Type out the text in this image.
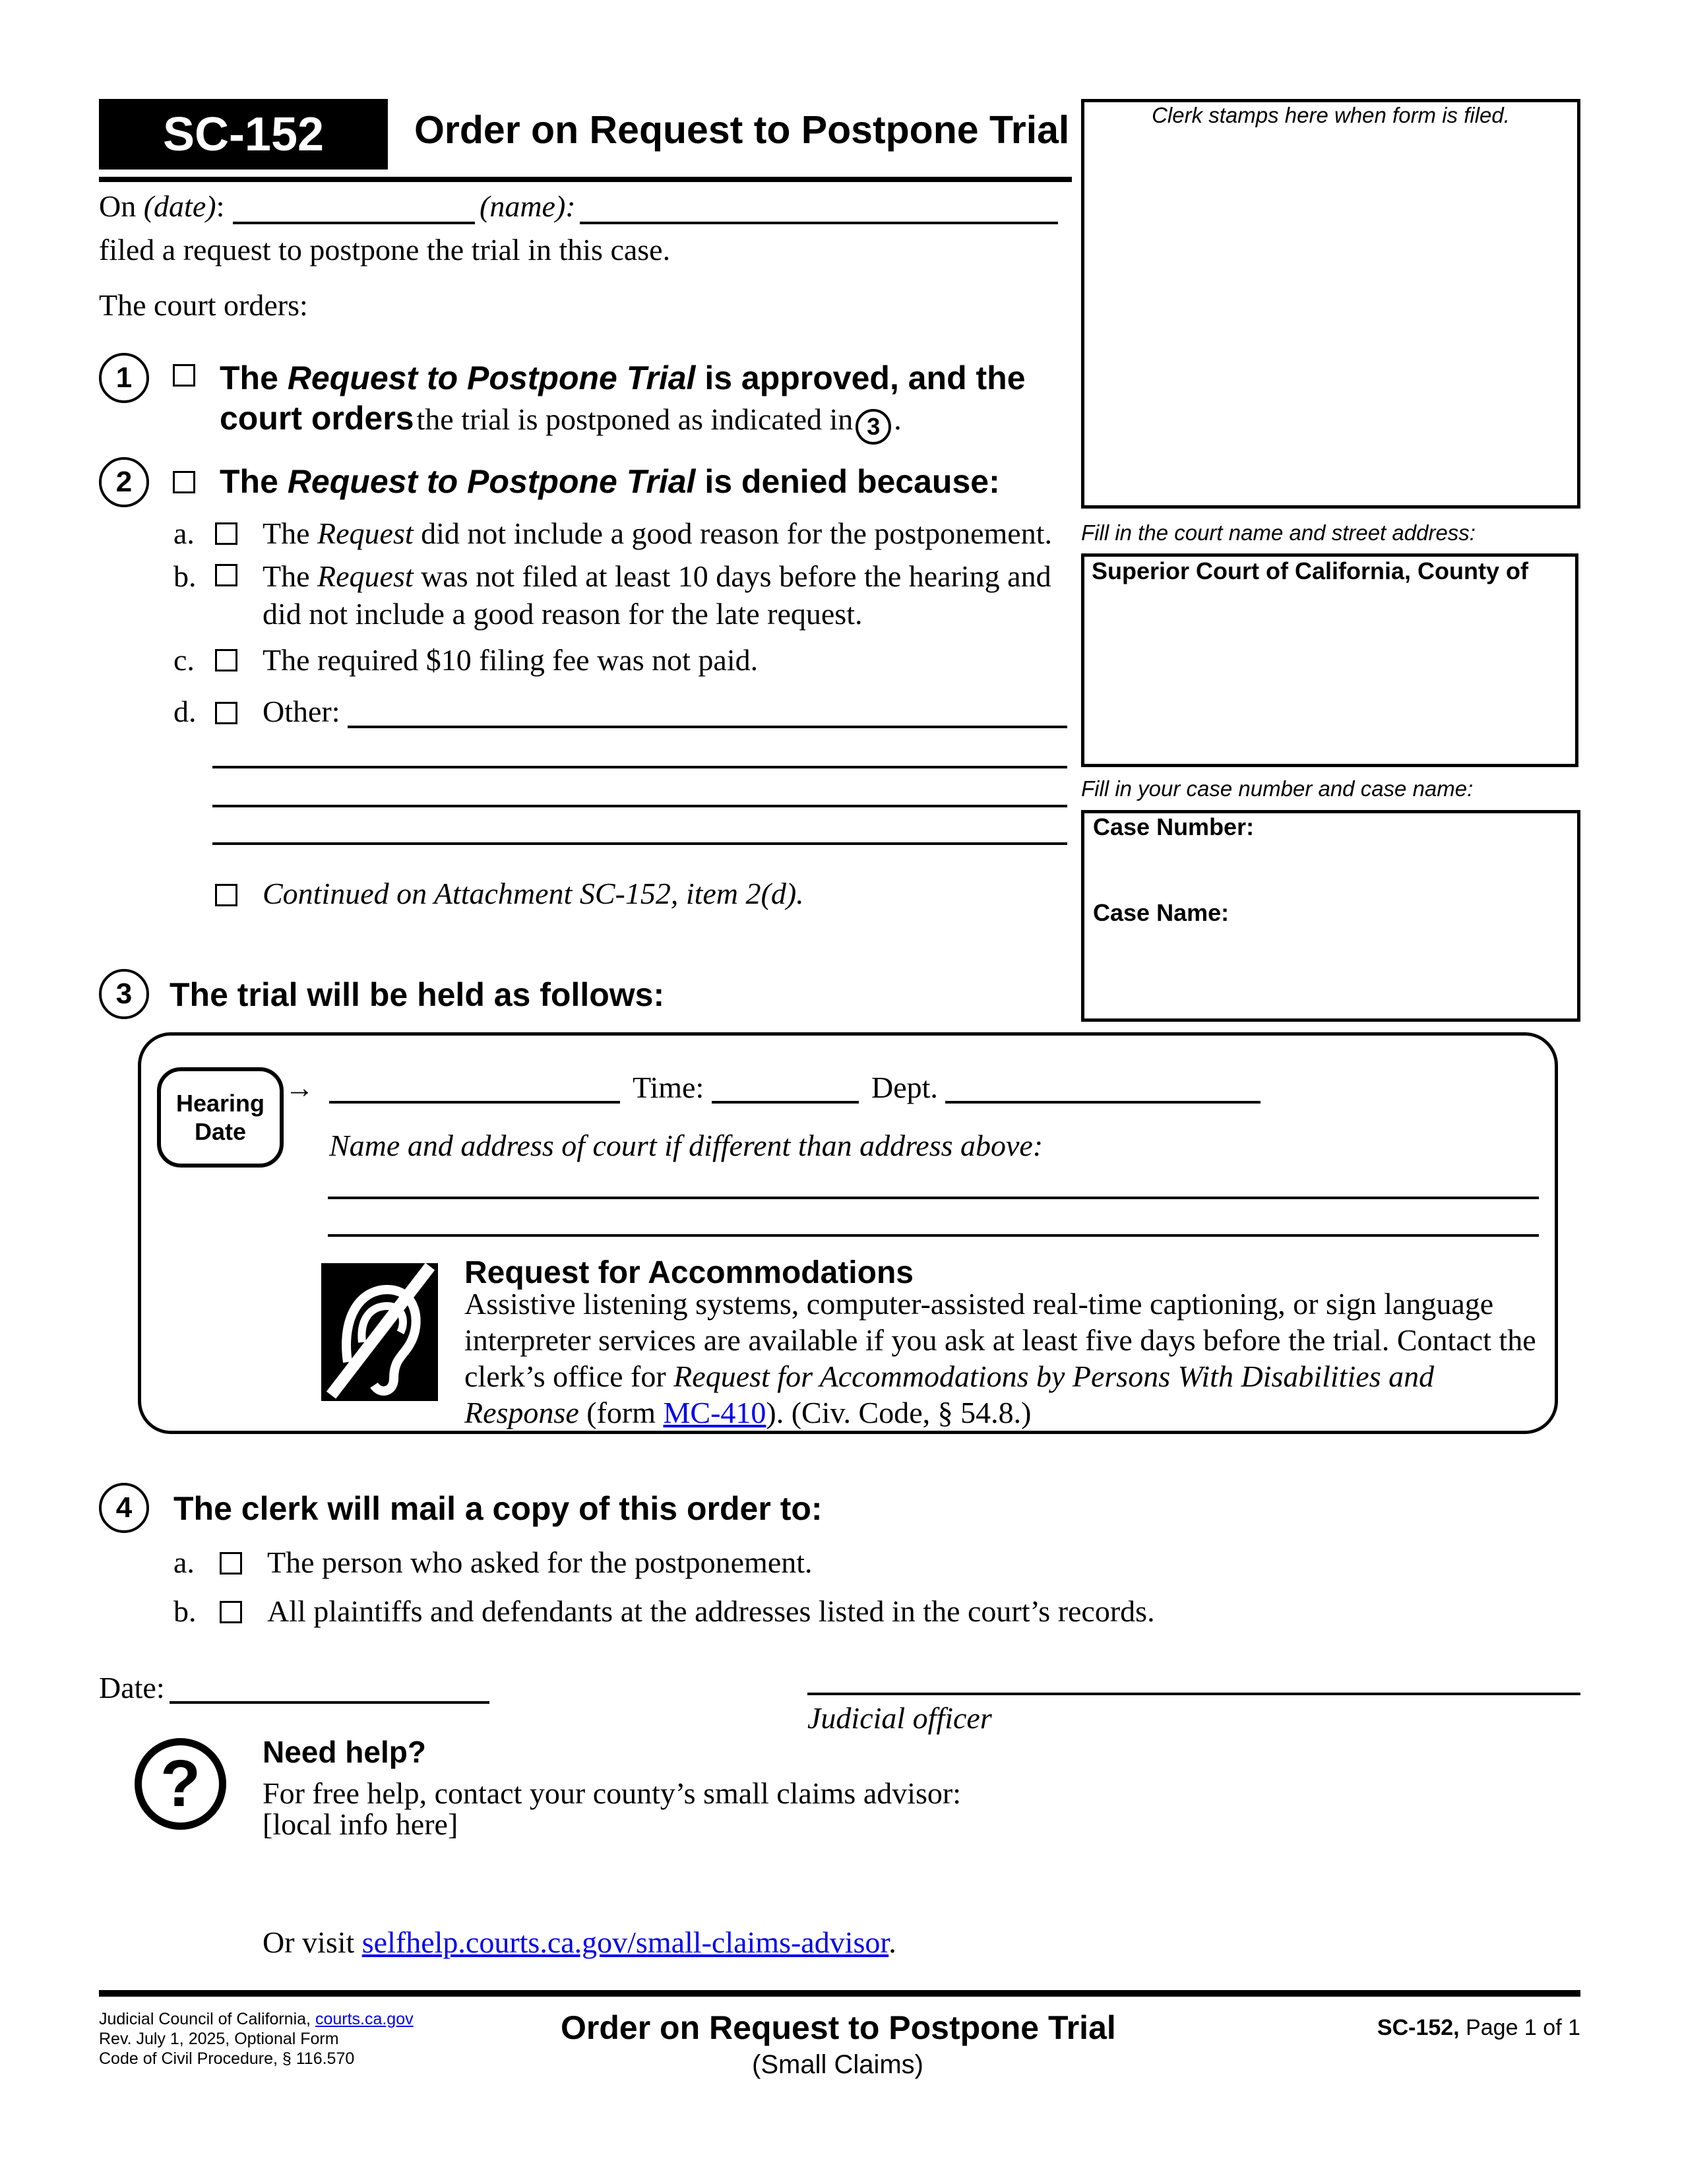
SC-152 Order on Request to Postpone Trial	Clerk stamps here when form is filed.
On (date):	(name):
filed a request to postpone the trial in this case.
The court orders:
1	The Request to Postpone Trial is approved, and the
court orders the trial is postponed as indicated in 3 .
2	The Request to Postpone Trial is denied because:
a. The Request did not include a good reason for the postponement.
b. The Request was not filed at least 10 days before the hearing and
did not include a good reason for the late request.
c. The required $10 filing fee was not paid.
d. Other:
Continued on Attachment SC-152, item 2(d).
Fill in the court name and street address:
Superior Court of California, County of
Fill in your case number and case name:
Case Number:
Case Name:
3	The trial will be held as follows:
Hearing
Date
→	Time:	Dept.
Name and address of court if different than address above:
Request for Accommodations
Assistive listening systems, computer-assisted real-time captioning, or sign language
interpreter services are available if you ask at least five days before the trial. Contact the
clerk’s office for Request for Accommodations by Persons With Disabilities and
Response (form MC-410). (Civ. Code, § 54.8.)
4	The clerk will mail a copy of this order to:
a. The person who asked for the postponement.
b. All plaintiffs and defendants at the addresses listed in the court’s records.
Date:
Judicial officer
?	Need help?
For free help, contact your county’s small claims advisor:
[local info here]
Or visit selfhelp.courts.ca.gov/small-claims-advisor.
Judicial Council of California, courts.ca.gov
Rev. July 1, 2025, Optional Form
Code of Civil Procedure, § 116.570
Order on Request to Postpone Trial
(Small Claims)
SC-152, Page 1 of 1
